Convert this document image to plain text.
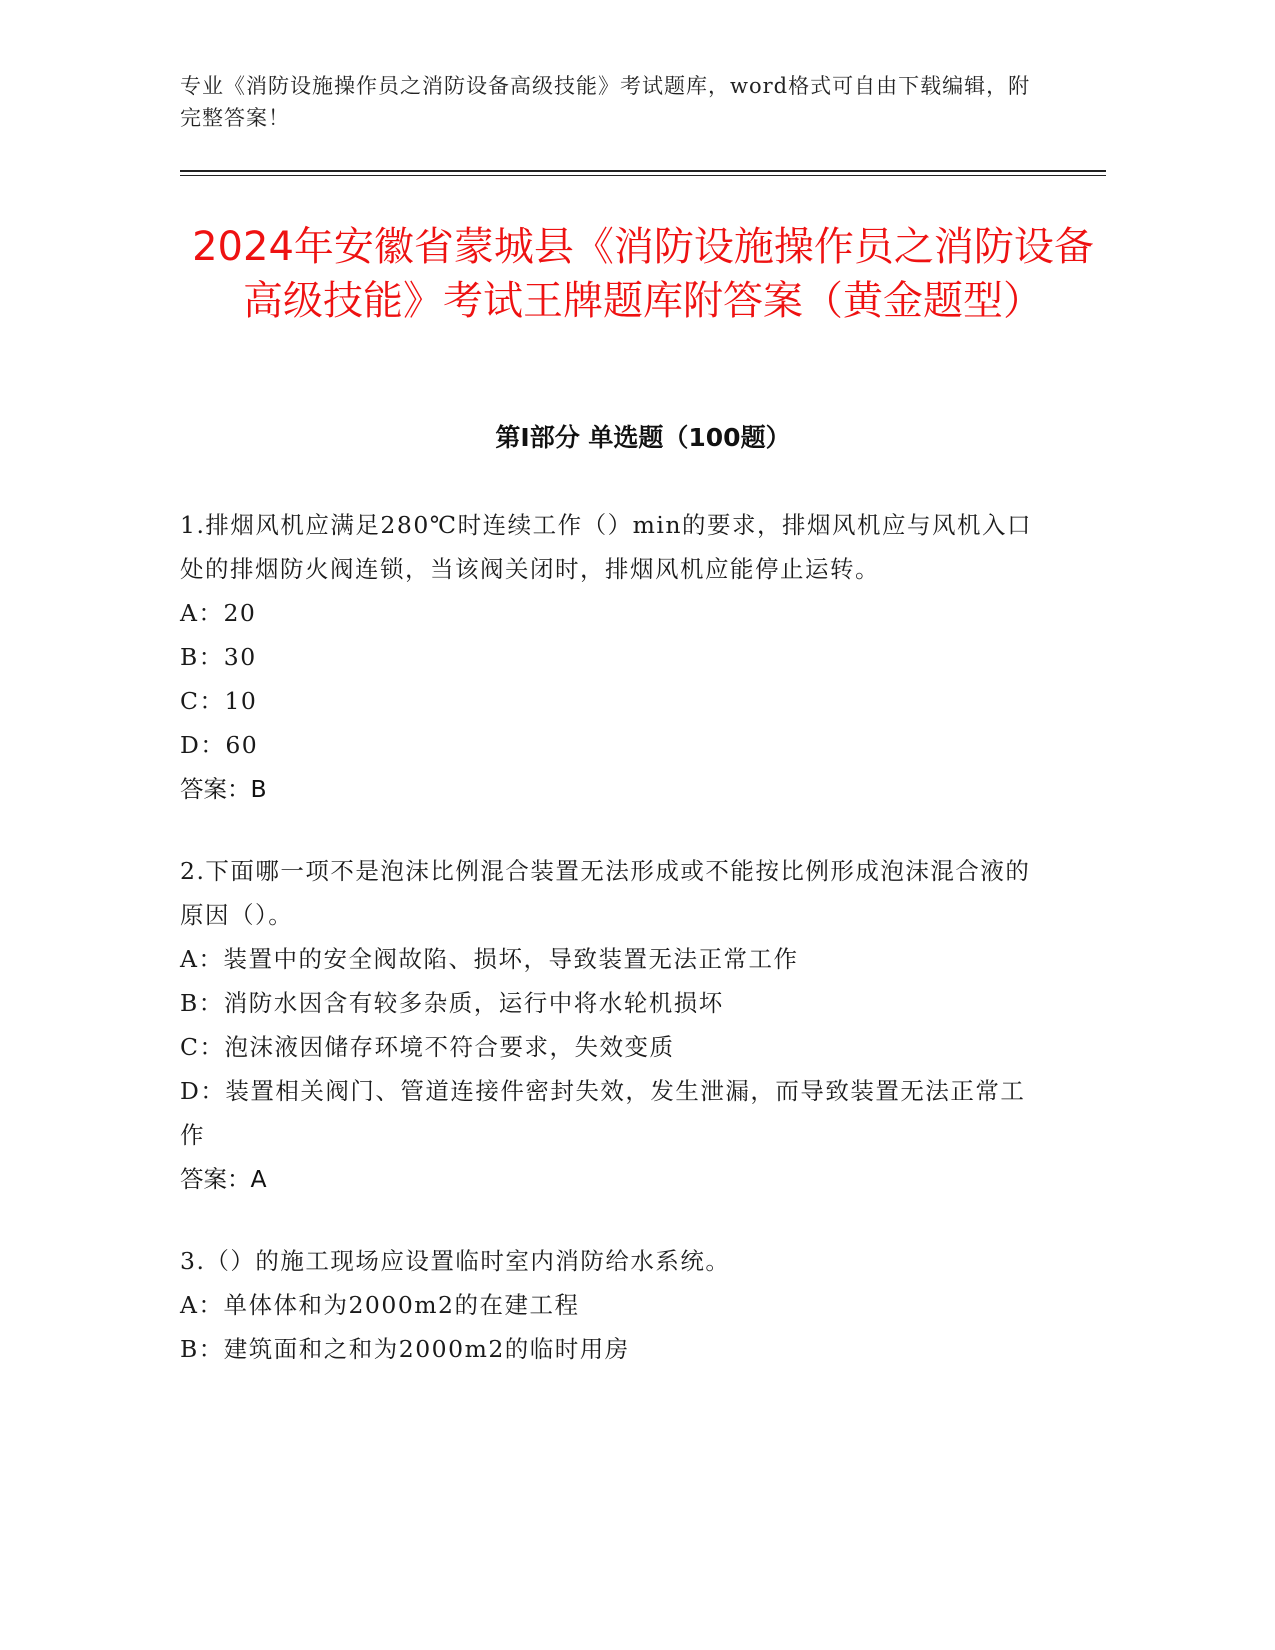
专业《消防设施操作员之消防设备高级技能》考试题库，word格式可自由下载编辑，附完整答案！
2024年安徽省蒙城县《消防设施操作员之消防设备高级技能》考试王牌题库附答案（黄金题型）
第Ⅰ部分 单选题（100题）

1.排烟风机应满足280℃时连续工作（）min的要求，排烟风机应与风机入口处的排烟防火阀连锁，当该阀关闭时，排烟风机应能停止运转。

A：20

B：30

C：10

D：60

答案：B

2.下面哪一项不是泡沫比例混合装置无法形成或不能按比例形成泡沫混合液的原因（）。

A：装置中的安全阀故陷、损坏，导致装置无法正常工作

B：消防水因含有较多杂质，运行中将水轮机损坏

C：泡沫液因储存环境不符合要求，失效变质

D：装置相关阀门、管道连接件密封失效，发生泄漏，而导致装置无法正常工作

答案：A

3.（）的施工现场应设置临时室内消防给水系统。

A：单体体和为2000m2的在建工程

B：建筑面和之和为2000m2的临时用房
